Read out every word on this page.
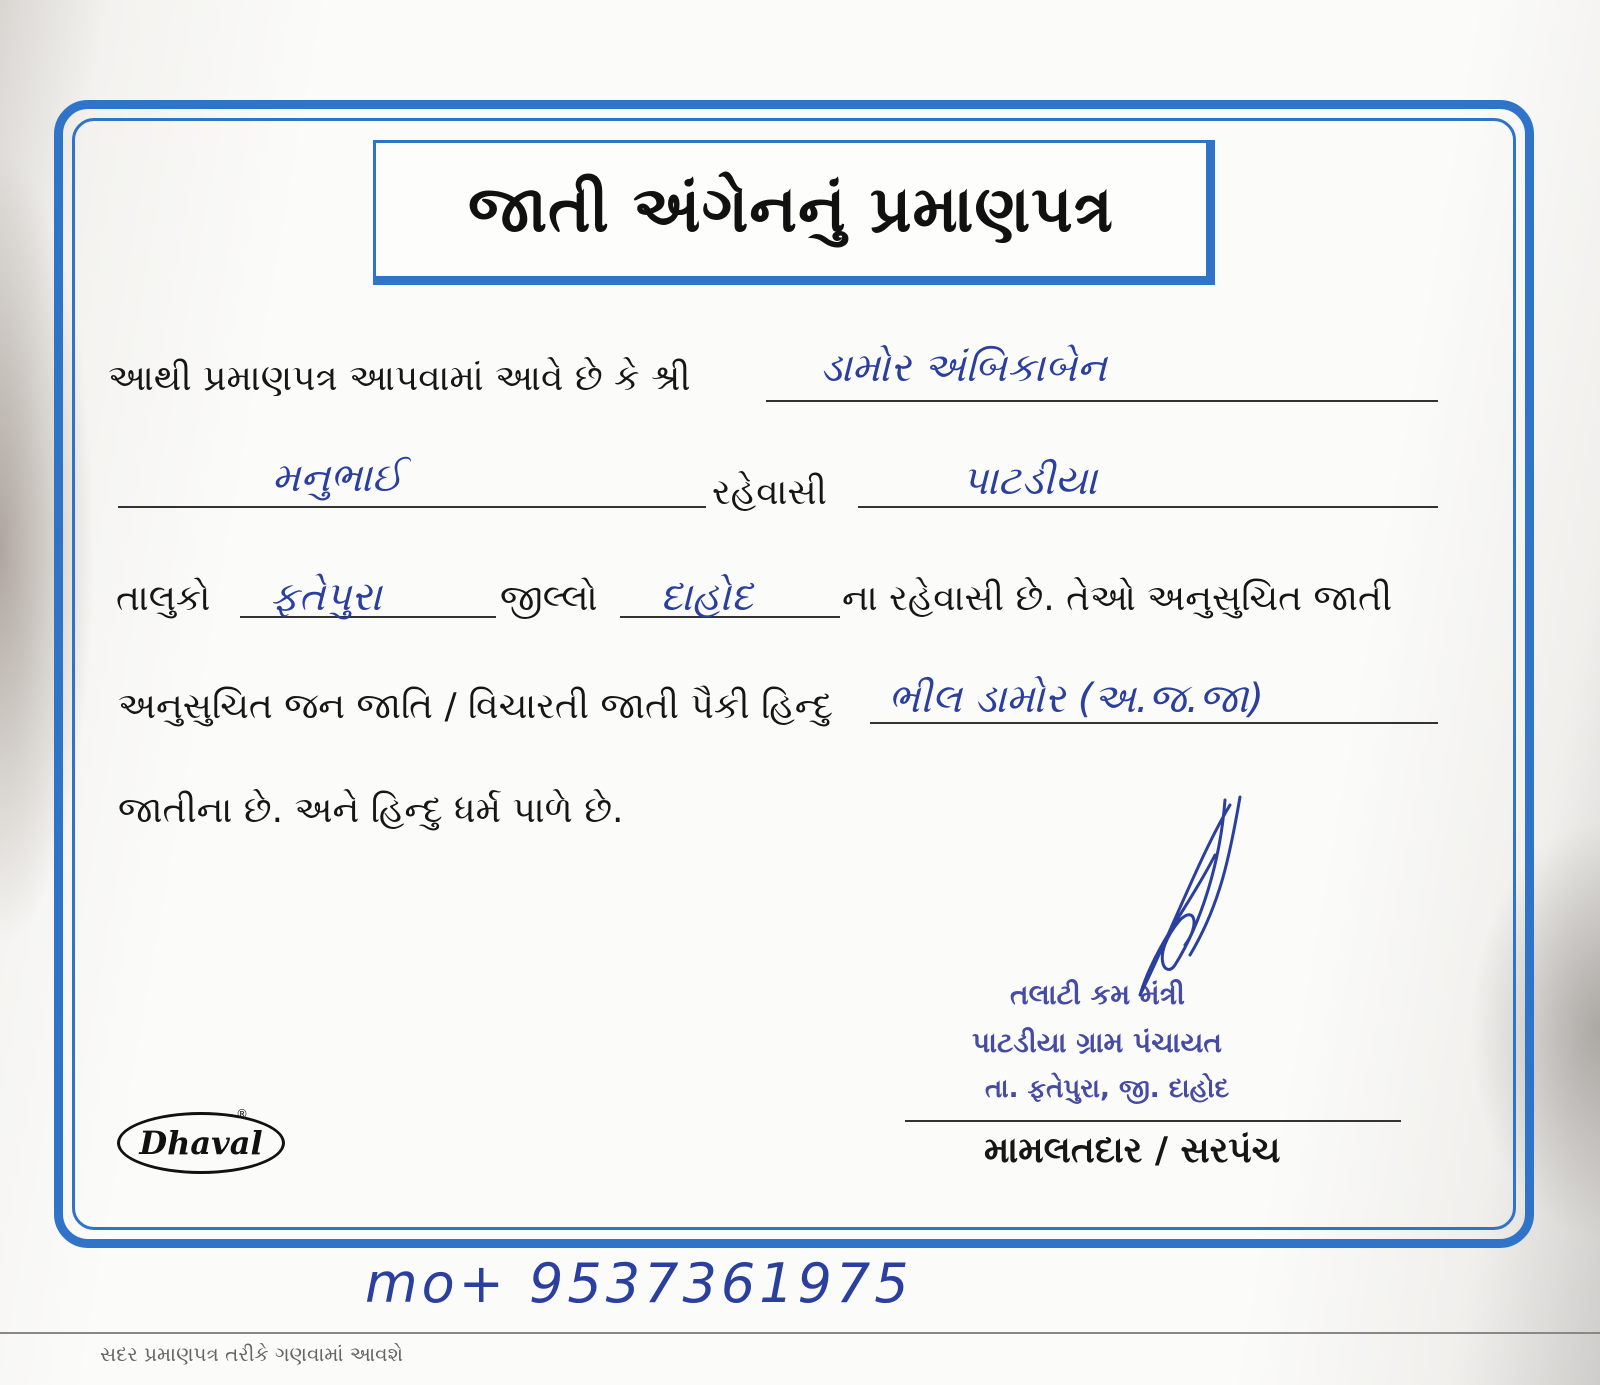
જાતી અંગેનનું પ્રમાણપત્ર
આથી પ્રમાણપત્ર આપવામાં આવે છે કે શ્રી	ડામોર અંબિકાબેન
મનુભાઈ	રહેવાસી	પાટડીયા
તાલુકો ફતેપુરા	જીલ્લો દાહોદ ના રહેવાસી છે. તેઓ અનુસુચિત જાતી
અનુસુચિત જન જાતિ / વિચારતી જાતી પૈકી હિન્દુ ભીલ ડામોર (અ.જ.જા)
જાતીના છે. અને હિન્દુ ધર્મ પાળે છે.
તલાટી કમ મંત્રી
પાટડીયા ગ્રામ પંચાયત
તા. ફતેપુરા, જી. દાહોદ
મામલતદાર / સરપંચ
Dhaval
®
mo+ 9537361975
સદર પ્રમાણપત્ર તરીકે ગણવામાં આવશે
